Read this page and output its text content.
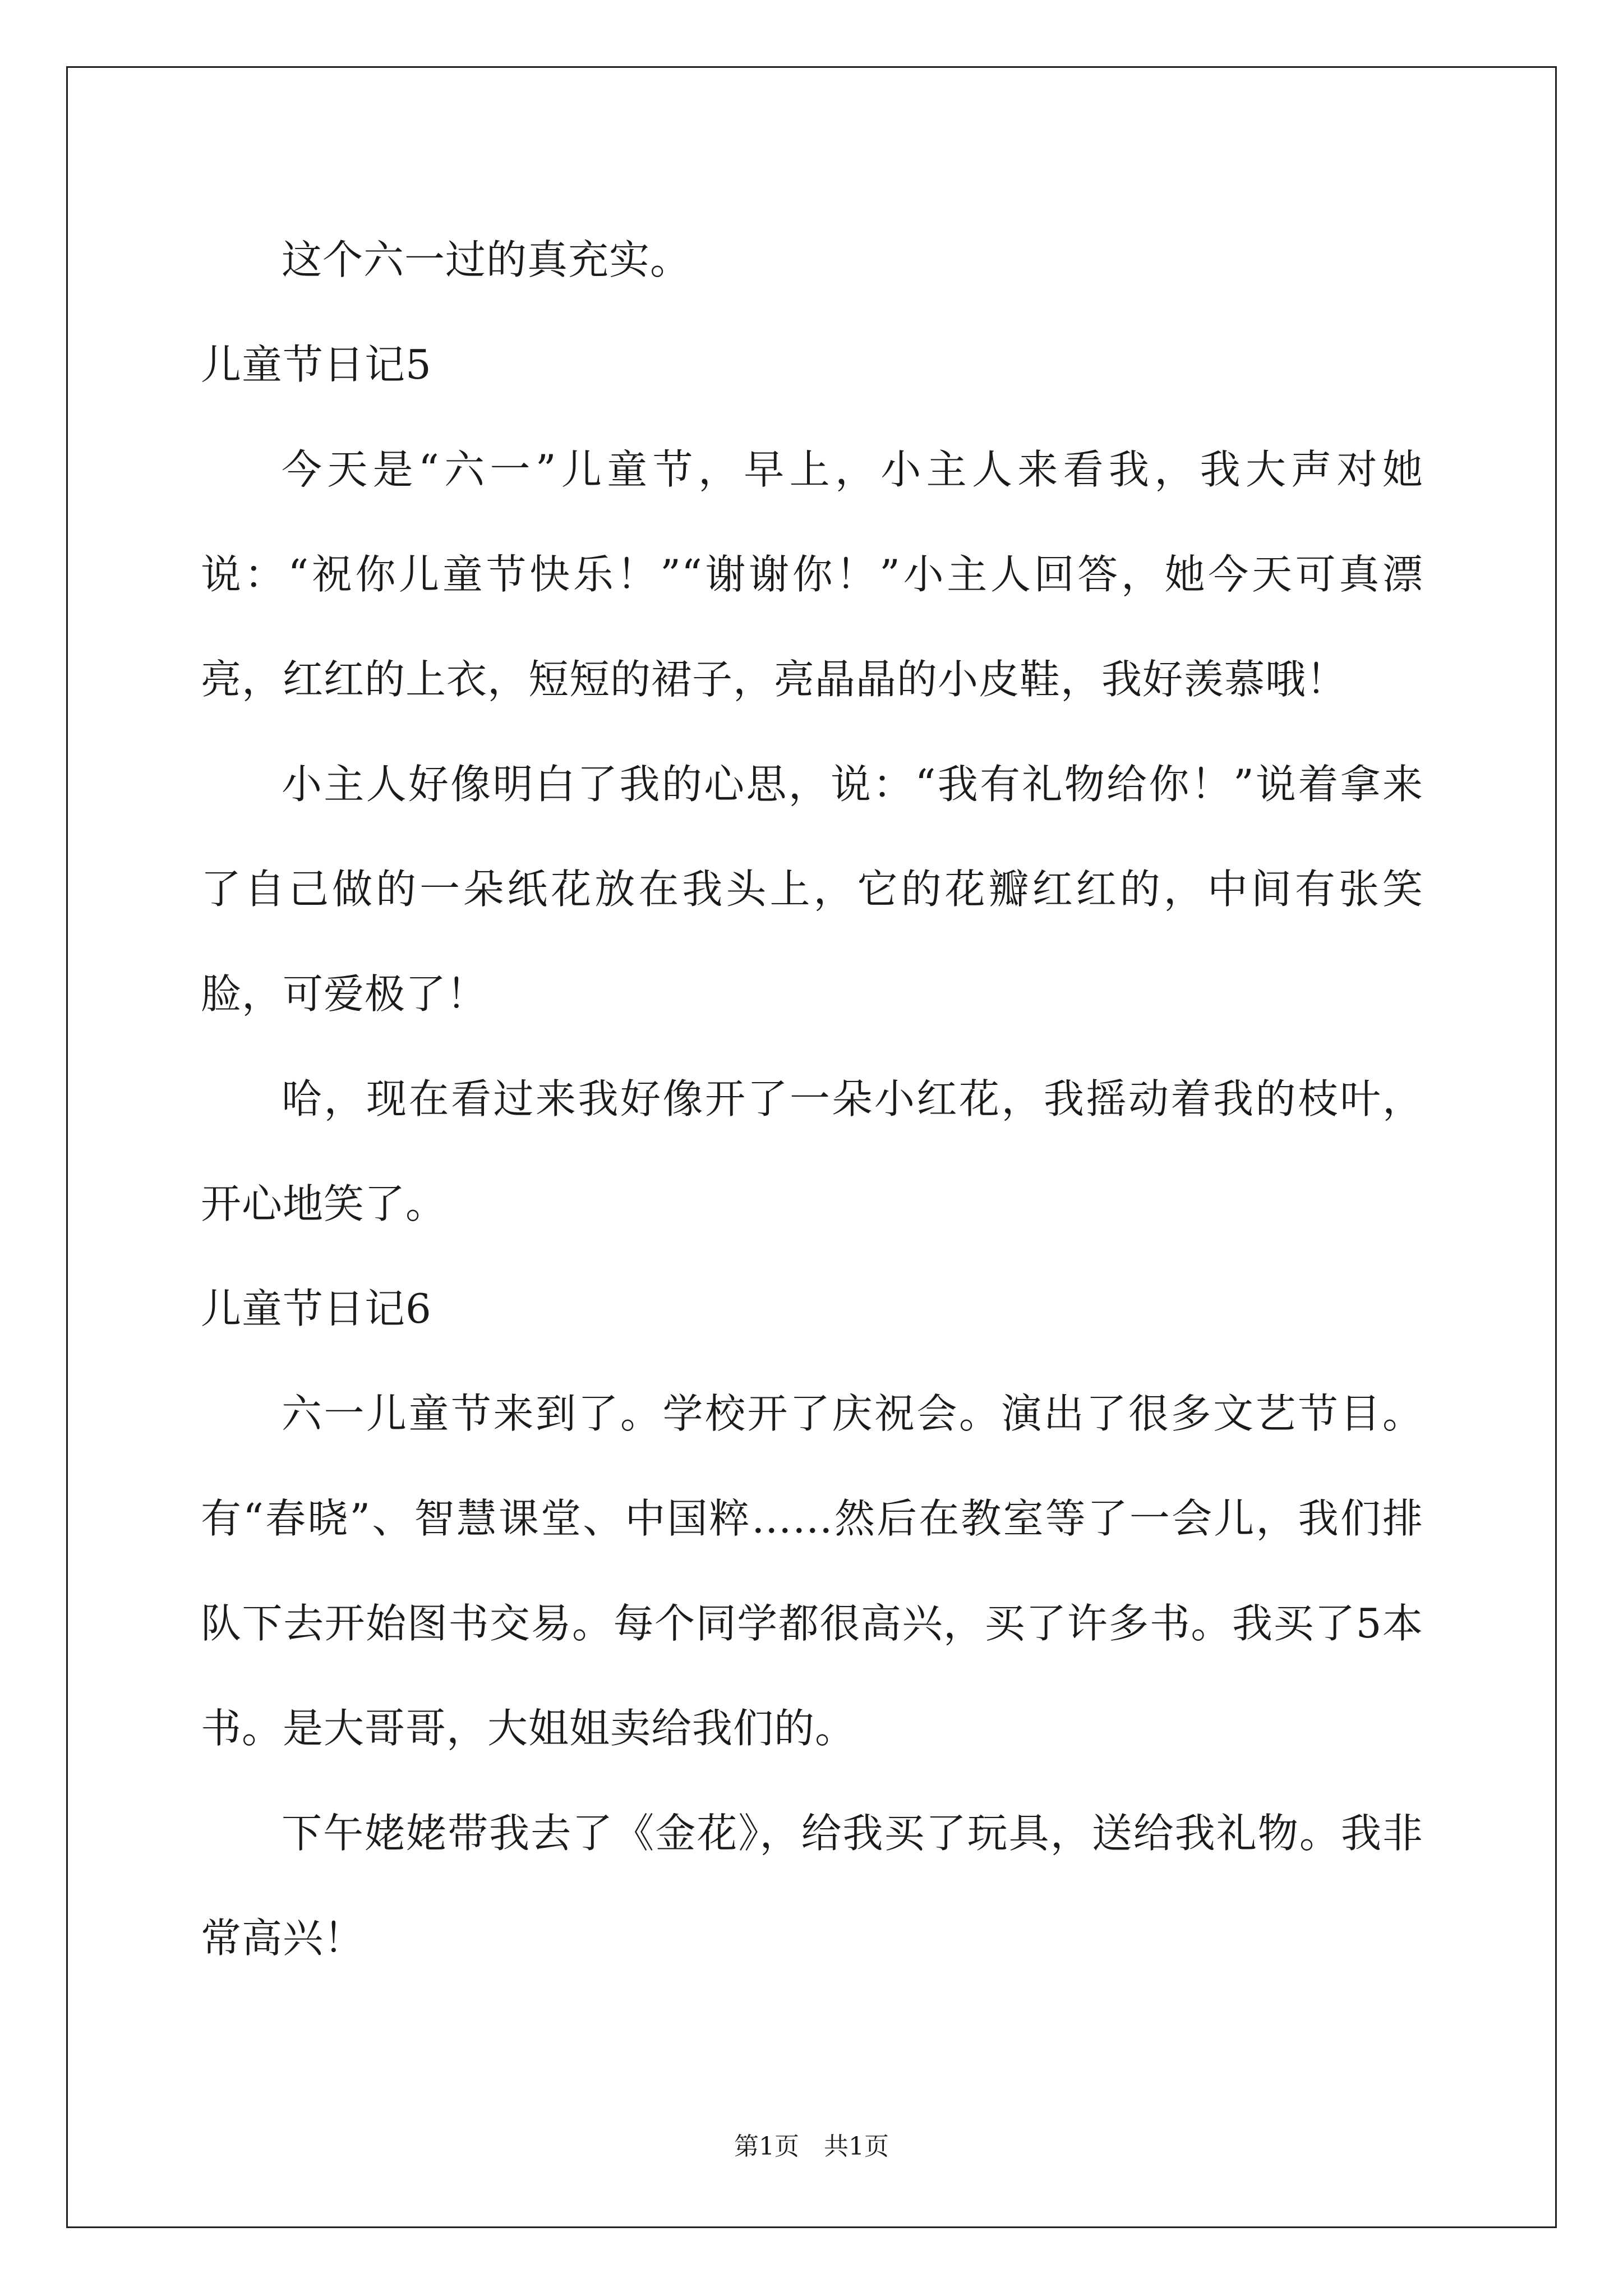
这个六一过的真充实。

儿童节日记5

今天是“六一”儿童节，早上，小主人来看我，我大声对她说：“祝你儿童节快乐！”“谢谢你！”小主人回答，她今天可真漂亮，红红的上衣，短短的裙子，亮晶晶的小皮鞋，我好羡慕哦！

小主人好像明白了我的心思，说：“我有礼物给你！”说着拿来了自己做的一朵纸花放在我头上，它的花瓣红红的，中间有张笑脸，可爱极了！

哈，现在看过来我好像开了一朵小红花，我摇动着我的枝叶，开心地笑了。

儿童节日记6

六一儿童节来到了。学校开了庆祝会。演出了很多文艺节目。有“春晓”、智慧课堂、中国粹……然后在教室等了一会儿，我们排队下去开始图书交易。每个同学都很高兴，买了许多书。我买了5本书。是大哥哥，大姐姐卖给我们的。

下午姥姥带我去了《金花》，给我买了玩具，送给我礼物。我非常高兴！

第1页　共1页
